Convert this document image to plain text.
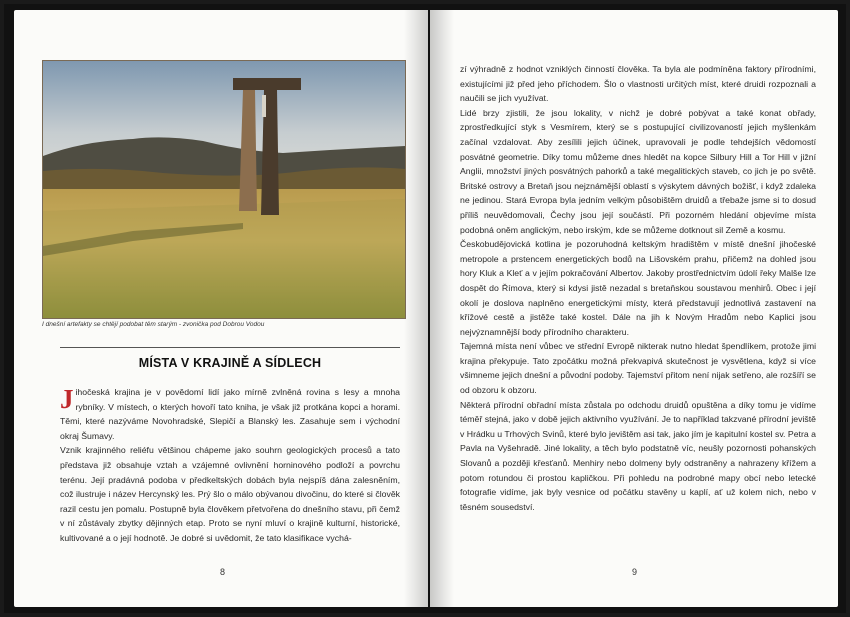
I dnešní artefakty se chtějí podobat těm starým - zvonička pod Dobrou Vodou
MÍSTA V KRAJINĚ A SÍDLECH

Jihočeská krajina je v povědomí lidí jako mírně zvlněná rovina s lesy a mnoha rybníky. V místech, o kterých hovoří tato kniha, je však již protkána kopci a horami. Těmi, které nazýváme Novohradské, Slepičí a Blanský les. Zasahuje sem i východní okraj Šumavy.

Vznik krajinného reliéfu většinou chápeme jako souhrn geologických procesů a tato představa již obsahuje vztah a vzájemné ovlivnění horninového podloží a povrchu terénu. Její pradávná podoba v předkeltských dobách byla nejspíš dána zalesněním, což ilustruje i název Hercynský les. Prý šlo o málo obývanou divočinu, do které si člověk razil cestu jen pomalu. Postupně byla člověkem přetvořena do dnešního stavu, při čemž v ní zůstávaly zbytky dějinných etap. Proto se nyní mluví o krajině kulturní, historické, kultivované a o její hodnotě. Je dobré si uvědomit, že tato klasifikace vychá-

8

zí výhradně z hodnot vzniklých činností člověka. Ta byla ale podmíněna faktory přírodními, existujícími již před jeho příchodem. Šlo o vlastnosti určitých míst, které druidi rozpoznali a naučili se jich využívat.

Lidé brzy zjistili, že jsou lokality, v nichž je dobré pobývat a také konat obřady, zprostředkující styk s Vesmírem, který se s postupující civilizovaností jejich myšlenkám začínal vzdalovat. Aby zesílili jejich účinek, upravovali je podle tehdejších vědomostí posvátné geometrie. Díky tomu můžeme dnes hledět na kopce Silbury Hill a Tor Hill v jižní Anglii, množství jiných posvátných pahorků a také megalitických staveb, co jich je po světě. Britské ostrovy a Bretaň jsou nejznámější oblastí s výskytem dávných božišť, i když zdaleka ne jedinou. Stará Evropa byla jedním velkým působištěm druidů a třebaže jsme si to dosud příliš neuvědomovali, Čechy jsou její součástí. Při pozorném hledání objevíme místa podobná oněm anglickým, nebo irským, kde se můžeme dotknout sil Země a kosmu.

Českobudějovická kotlina je pozoruhodná keltským hradištěm v místě dnešní jihočeské metropole a prstencem energetických bodů na Lišovském prahu, přičemž na dohled jsou hory Kluk a Kleť a v jejím pokračování Albertov. Jakoby prostřednictvím údolí řeky Malše lze dospět do Římova, který si kdysi jistě nezadal s bretaňskou soustavou menhirů. Obec i její okolí je doslova naplněno energetickými místy, která představují jednotlivá zastavení na křížové cestě a jistěže také kostel. Dále na jih k Novým Hradům nebo Kaplici jsou nejvýznamnější body přírodního charakteru.

Tajemná místa není vůbec ve střední Evropě nikterak nutno hledat špendlíkem, protože jimi krajina překypuje. Tato zpočátku možná překvapivá skutečnost je vysvětlena, když si více všimneme jejich dnešní a původní podoby. Tajemství přitom není nijak setřeno, ale rozšíří se od obzoru k obzoru.

Některá přírodní obřadní místa zůstala po odchodu druidů opuštěna a díky tomu je vidíme téměř stejná, jako v době jejich aktivního využívání. Je to například takzvané přírodní jeviště v Hrádku u Trhových Svinů, které bylo jevištěm asi tak, jako jím je kapitulní kostel sv. Petra a Pavla na Vyšehradě. Jiné lokality, a těch bylo podstatně víc, neušly pozornosti pohanských Slovanů a později křesťanů. Menhiry nebo dolmeny byly odstraněny a nahrazeny křížem a potom rotundou či prostou kapličkou. Při pohledu na podrobné mapy obcí nebo letecké fotografie vidíme, jak byly vesnice od počátku stavěny u kaplí, ať už kolem nich, nebo v těsném sousedství.

9
